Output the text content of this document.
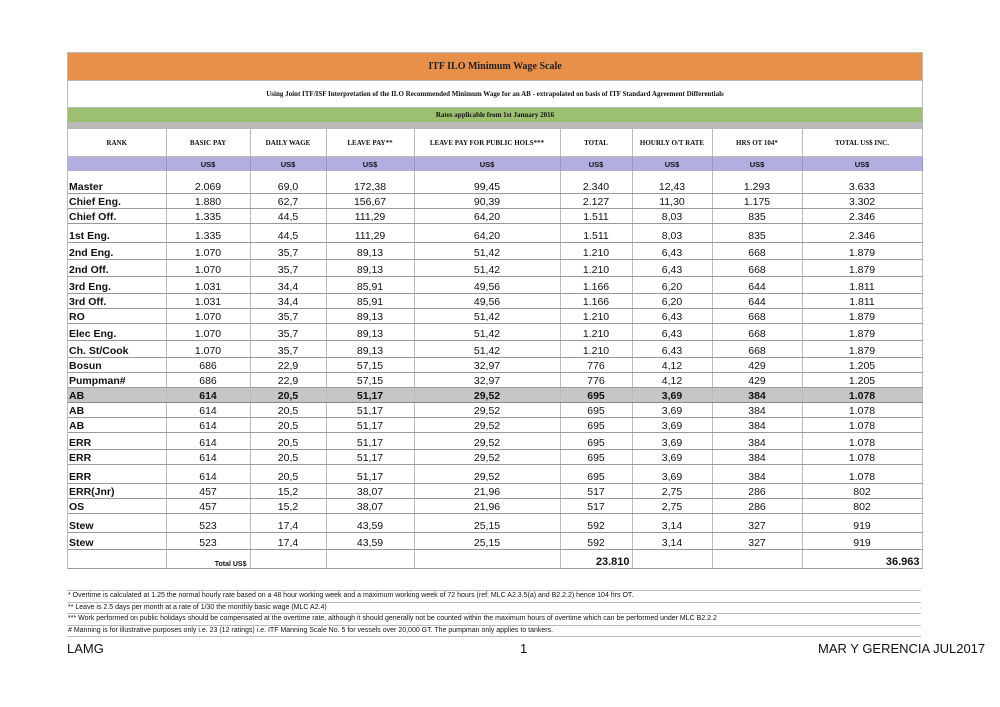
ITF ILO Minimum Wage Scale
Using Joint ITF/ISF Interpretation of the ILO Recommended Minimum Wage for an AB - extrapolated on basis of ITF Standard Agreement Differentials
Rates applicable from 1st January 2016
RANK	BASIC PAY	DAILY WAGE	LEAVE PAY**	LEAVE PAY FOR PUBLIC HOLS***	TOTAL	HOURLY O/T RATE	HRS OT 104*	TOTAL US$ INC.
	US$	US$	US$	US$	US$	US$	US$	US$

Master	2.069	69,0	172,38	99,45	2.340	12,43	1.293	3.633
Chief Eng.	1.880	62,7	156,67	90,39	2.127	11,30	1.175	3.302
Chief Off.	1.335	44,5	111,29	64,20	1.511	8,03	835	2.346
1st Eng.	1.335	44,5	111,29	64,20	1.511	8,03	835	2.346
2nd Eng.	1.070	35,7	89,13	51,42	1.210	6,43	668	1.879
2nd Off.	1.070	35,7	89,13	51,42	1.210	6,43	668	1.879
3rd Eng.	1.031	34,4	85,91	49,56	1.166	6,20	644	1.811
3rd Off.	1.031	34,4	85,91	49,56	1.166	6,20	644	1.811
RO	1.070	35,7	89,13	51,42	1.210	6,43	668	1.879
Elec Eng.	1.070	35,7	89,13	51,42	1.210	6,43	668	1.879
Ch. St/Cook	1.070	35,7	89,13	51,42	1.210	6,43	668	1.879
Bosun	686	22,9	57,15	32,97	776	4,12	429	1.205
Pumpman#	686	22,9	57,15	32,97	776	4,12	429	1.205
AB	614	20,5	51,17	29,52	695	3,69	384	1.078
AB	614	20,5	51,17	29,52	695	3,69	384	1.078
AB	614	20,5	51,17	29,52	695	3,69	384	1.078
ERR	614	20,5	51,17	29,52	695	3,69	384	1.078
ERR	614	20,5	51,17	29,52	695	3,69	384	1.078
ERR	614	20,5	51,17	29,52	695	3,69	384	1.078
ERR(Jnr)	457	15,2	38,07	21,96	517	2,75	286	802
OS	457	15,2	38,07	21,96	517	2,75	286	802
Stew	523	17,4	43,59	25,15	592	3,14	327	919
Stew	523	17,4	43,59	25,15	592	3,14	327	919
	Total US$				23.810			36.963
* Overtime is calculated at 1.25 the normal hourly rate based on a 48 hour working week and a maximum working week of 72 hours (ref: MLC A2.3.5(a) and B2.2.2) hence 104 hrs OT.
** Leave is 2.5 days per month at a rate of 1/30 the monthly basic wage (MLC A2.4)
*** Work performed on public holidays should be compensated at the overtime rate, although it should generally not be counted within the maximum hours of overtime which can be performed under MLC B2.2.2
# Manning is for illustrative purposes only i.e. 23 (12 ratings) i.e. ITF Manning Scale No. 5 for vessels over 20,000 GT. The pumpman only applies to tankers.
LAMG	1	MAR Y GERENCIA JUL2017
